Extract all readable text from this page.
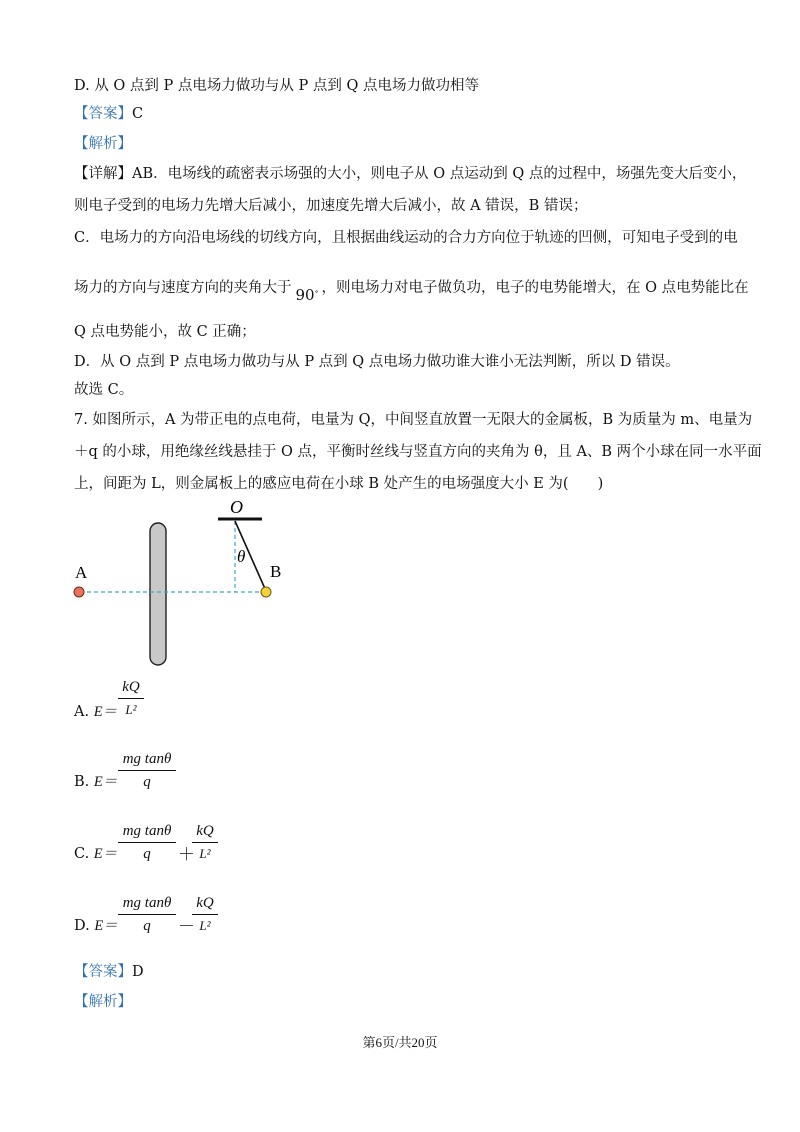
D. 从 O 点到 P 点电场力做功与从 P 点到 Q 点电场力做功相等
【答案】C
【解析】
【详解】AB．电场线的疏密表示场强的大小，则电子从 O 点运动到 Q 点的过程中，场强先变大后变小，
则电子受到的电场力先增大后减小，加速度先增大后减小，故 A 错误，B 错误；
C．电场力的方向沿电场线的切线方向，且根据曲线运动的合力方向位于轨迹的凹侧，可知电子受到的电
场力的方向与速度方向的夹角大于 90∘ ，则电场力对电子做负功，电子的电势能增大，在 O 点电势能比在
Q 点电势能小，故 C 正确；
D．从 O 点到 P 点电场力做功与从 P 点到 Q 点电场力做功谁大谁小无法判断，所以 D 错误。
故选 C。
7. 如图所示，A 为带正电的点电荷，电量为 Q，中间竖直放置一无限大的金属板，B 为质量为 m、电量为
＋q 的小球，用绝缘丝线悬挂于 O 点，平衡时丝线与竖直方向的夹角为 θ，且 A、B 两个小球在同一水平面
上，间距为 L，则金属板上的感应电荷在小球 B 处产生的电场强度大小 E 为(　　)
O
A	B
θ
A. E＝
kQ
L²
B. E＝
mg tanθ
q
C. E＝
mg tanθ
q	＋
kQ
L²
D. E＝
mg tanθ
q	－
kQ
L²
【答案】D
【解析】
第6页/共20页
